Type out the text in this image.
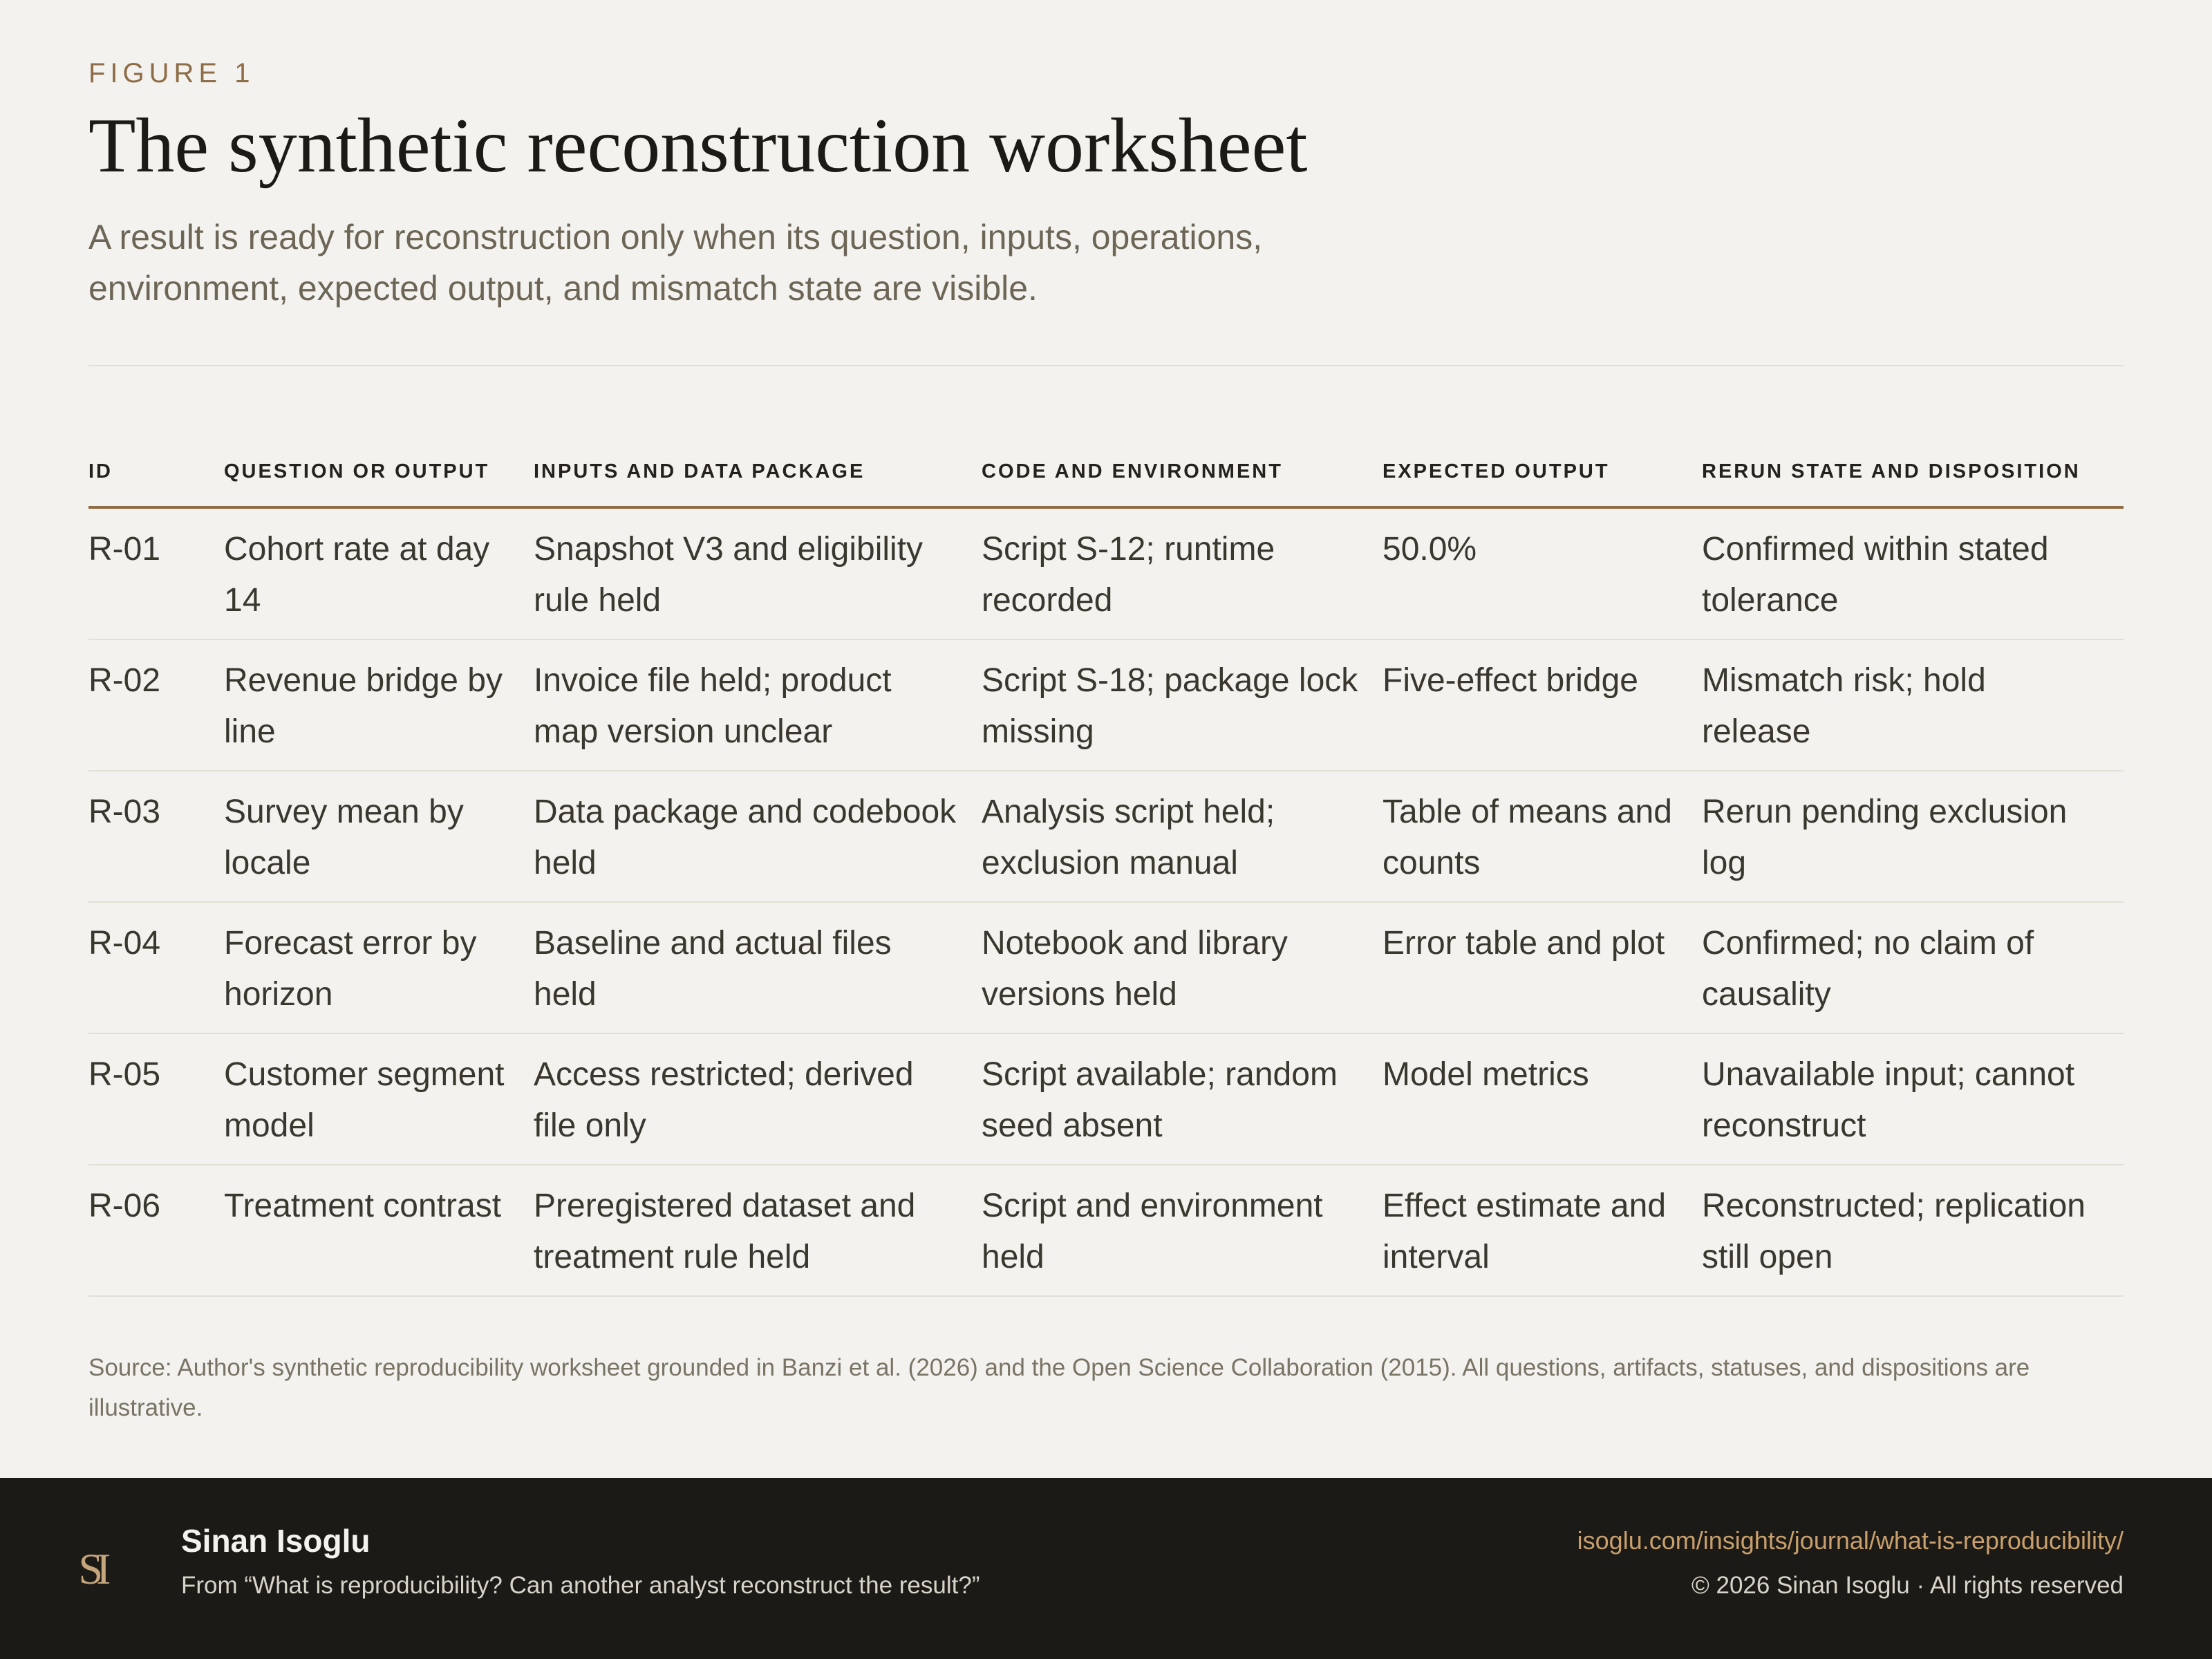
FIGURE 1
The synthetic reconstruction worksheet
A result is ready for reconstruction only when its question, inputs, operations, environment, expected output, and mismatch state are visible.
ID	QUESTION OR OUTPUT	INPUTS AND DATA PACKAGE	CODE AND ENVIRONMENT	EXPECTED OUTPUT	RERUN STATE AND DISPOSITION
R-01	Cohort rate at day 14	Snapshot V3 and eligibility rule held	Script S-12; runtime recorded	50.0%	Confirmed within stated tolerance
R-02	Revenue bridge by line	Invoice file held; product map version unclear	Script S-18; package lock missing	Five-effect bridge	Mismatch risk; hold release
R-03	Survey mean by locale	Data package and codebook held	Analysis script held; exclusion manual	Table of means and counts	Rerun pending exclusion log
R-04	Forecast error by horizon	Baseline and actual files held	Notebook and library versions held	Error table and plot	Confirmed; no claim of causality
R-05	Customer segment model	Access restricted; derived file only	Script available; random seed absent	Model metrics	Unavailable input; cannot reconstruct
R-06	Treatment contrast	Preregistered dataset and treatment rule held	Script and environment held	Effect estimate and interval	Reconstructed; replication still open
Source: Author's synthetic reproducibility worksheet grounded in Banzi et al. (2026) and the Open Science Collaboration (2015). All questions, artifacts, statuses, and dispositions are illustrative.
SI
Sinan Isoglu
From “What is reproducibility? Can another analyst reconstruct the result?”
isoglu.com/insights/journal/what-is-reproducibility/
© 2026 Sinan Isoglu · All rights reserved
